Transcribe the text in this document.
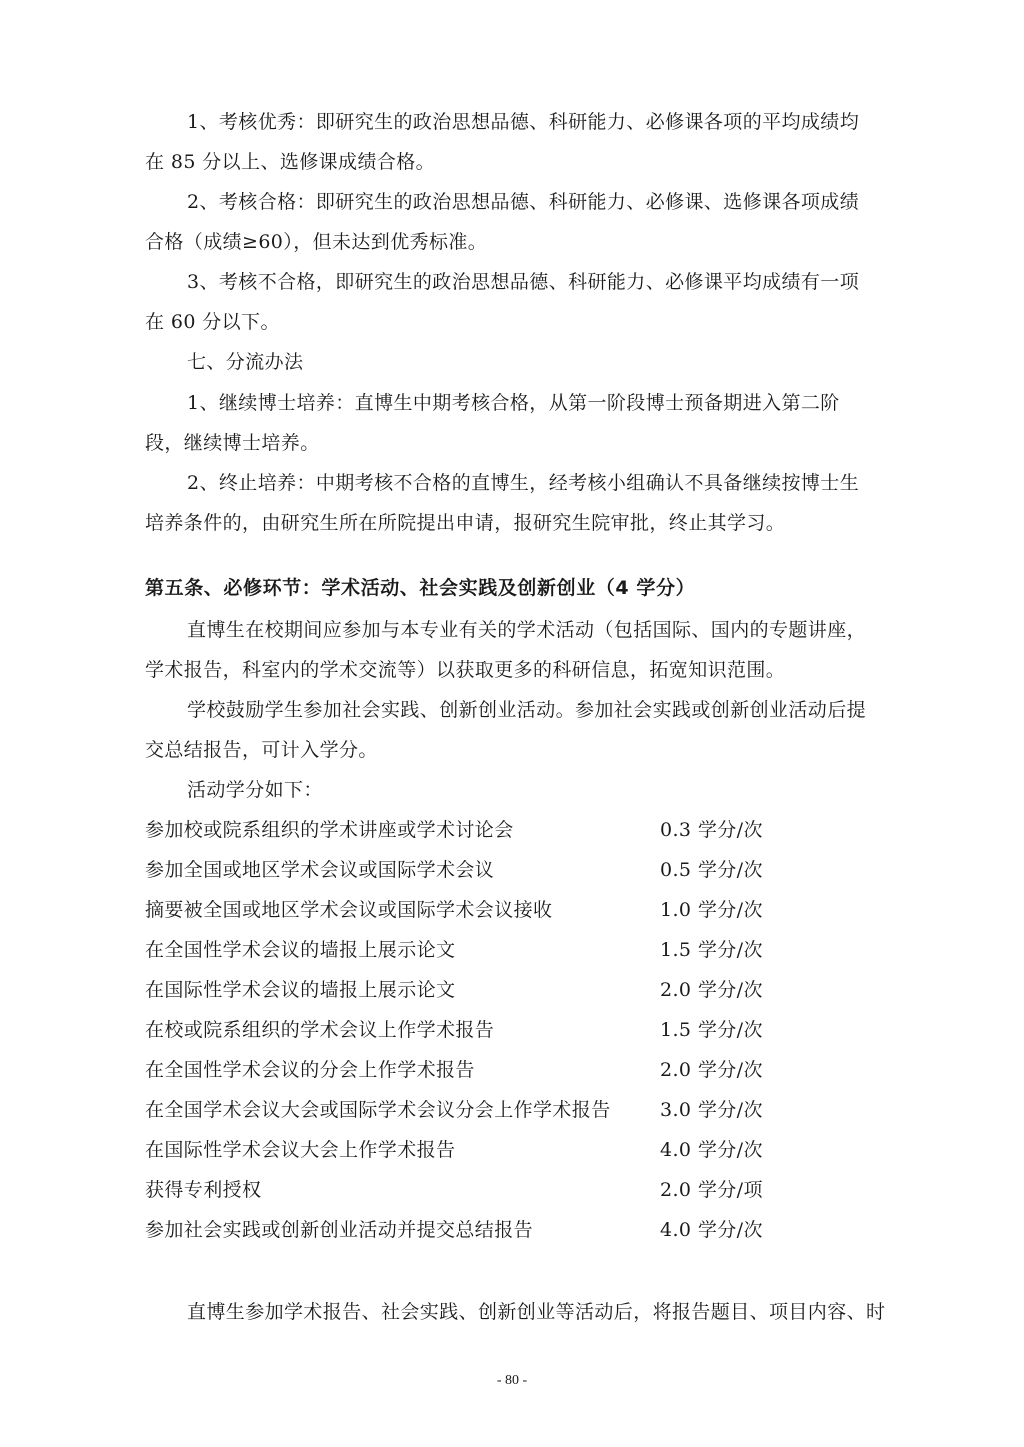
1、考核优秀：即研究生的政治思想品德、科研能力、必修课各项的平均成绩均
在 85 分以上、选修课成绩合格。
2、考核合格：即研究生的政治思想品德、科研能力、必修课、选修课各项成绩
合格（成绩≥60），但未达到优秀标准。
3、考核不合格，即研究生的政治思想品德、科研能力、必修课平均成绩有一项
在 60 分以下。
七、分流办法
1、继续博士培养：直博生中期考核合格，从第一阶段博士预备期进入第二阶
段，继续博士培养。
2、终止培养：中期考核不合格的直博生，经考核小组确认不具备继续按博士生
培养条件的，由研究生所在所院提出申请，报研究生院审批，终止其学习。
第五条、必修环节：学术活动、社会实践及创新创业（4 学分）
直博生在校期间应参加与本专业有关的学术活动（包括国际、国内的专题讲座，
学术报告，科室内的学术交流等）以获取更多的科研信息，拓宽知识范围。
学校鼓励学生参加社会实践、创新创业活动。参加社会实践或创新创业活动后提
交总结报告，可计入学分。
活动学分如下：
参加校或院系组织的学术讲座或学术讨论会	0.3 学分/次
参加全国或地区学术会议或国际学术会议	0.5 学分/次
摘要被全国或地区学术会议或国际学术会议接收	1.0 学分/次
在全国性学术会议的墙报上展示论文	1.5 学分/次
在国际性学术会议的墙报上展示论文	2.0 学分/次
在校或院系组织的学术会议上作学术报告	1.5 学分/次
在全国性学术会议的分会上作学术报告	2.0 学分/次
在全国学术会议大会或国际学术会议分会上作学术报告	3.0 学分/次
在国际性学术会议大会上作学术报告	4.0 学分/次
获得专利授权	2.0 学分/项
参加社会实践或创新创业活动并提交总结报告	4.0 学分/次
直博生参加学术报告、社会实践、创新创业等活动后，将报告题目、项目内容、时
- 80 -
